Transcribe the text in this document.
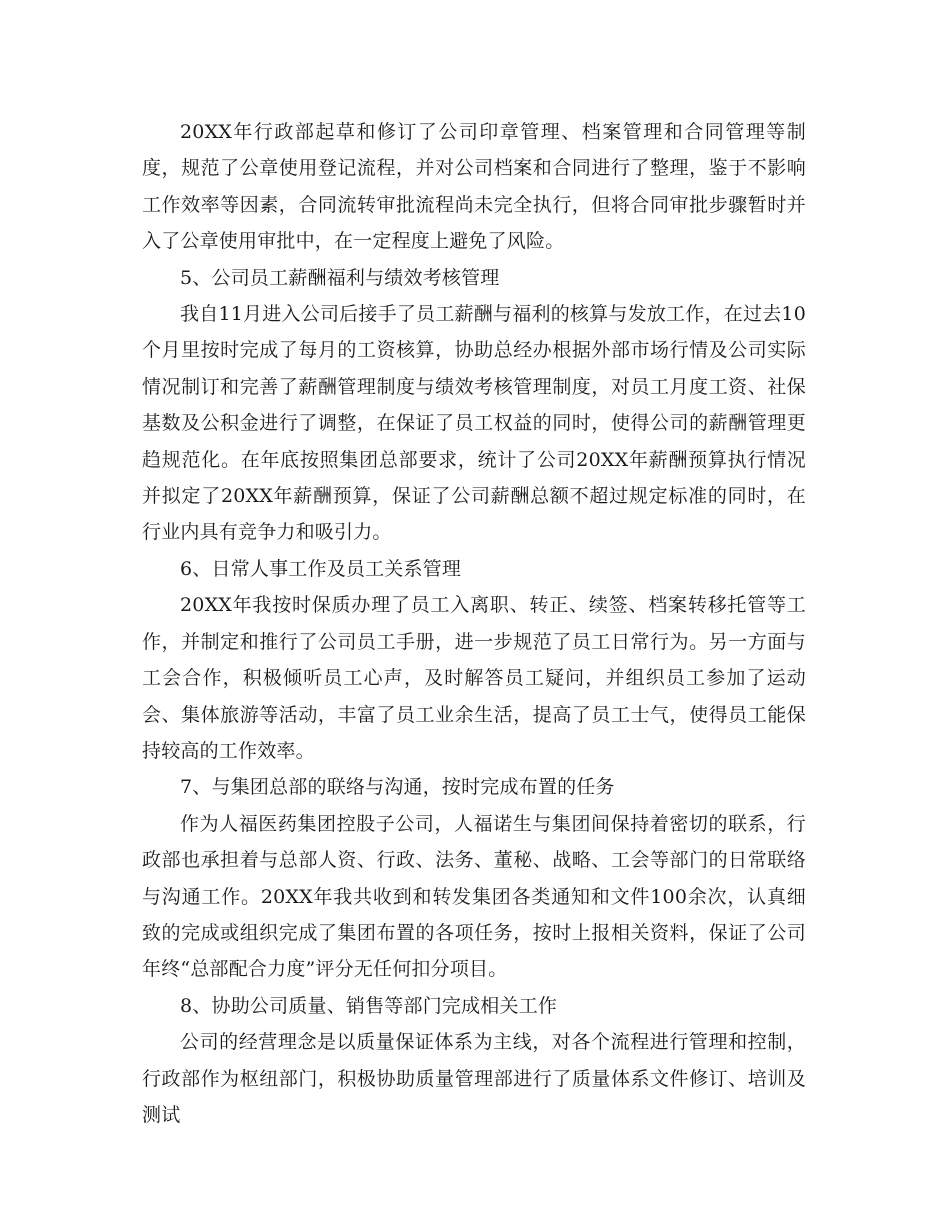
20XX年行政部起草和修订了公司印章管理、档案管理和合同管理等制度，规范了公章使用登记流程，并对公司档案和合同进行了整理，鉴于不影响工作效率等因素，合同流转审批流程尚未完全执行，但将合同审批步骤暂时并入了公章使用审批中，在一定程度上避免了风险。

5、公司员工薪酬福利与绩效考核管理

我自11月进入公司后接手了员工薪酬与福利的核算与发放工作，在过去10个月里按时完成了每月的工资核算，协助总经办根据外部市场行情及公司实际情况制订和完善了薪酬管理制度与绩效考核管理制度，对员工月度工资、社保基数及公积金进行了调整，在保证了员工权益的同时，使得公司的薪酬管理更趋规范化。在年底按照集团总部要求，统计了公司20XX年薪酬预算执行情况并拟定了20XX年薪酬预算，保证了公司薪酬总额不超过规定标准的同时，在行业内具有竞争力和吸引力。

6、日常人事工作及员工关系管理

20XX年我按时保质办理了员工入离职、转正、续签、档案转移托管等工作，并制定和推行了公司员工手册，进一步规范了员工日常行为。另一方面与工会合作，积极倾听员工心声，及时解答员工疑问，并组织员工参加了运动会、集体旅游等活动，丰富了员工业余生活，提高了员工士气，使得员工能保持较高的工作效率。

7、与集团总部的联络与沟通，按时完成布置的任务

作为人福医药集团控股子公司，人福诺生与集团间保持着密切的联系，行政部也承担着与总部人资、行政、法务、董秘、战略、工会等部门的日常联络与沟通工作。20XX年我共收到和转发集团各类通知和文件100余次，认真细致的完成或组织完成了集团布置的各项任务，按时上报相关资料，保证了公司年终“总部配合力度”评分无任何扣分项目。

8、协助公司质量、销售等部门完成相关工作

公司的经营理念是以质量保证体系为主线，对各个流程进行管理和控制，行政部作为枢纽部门，积极协助质量管理部进行了质量体系文件修订、培训及测试
